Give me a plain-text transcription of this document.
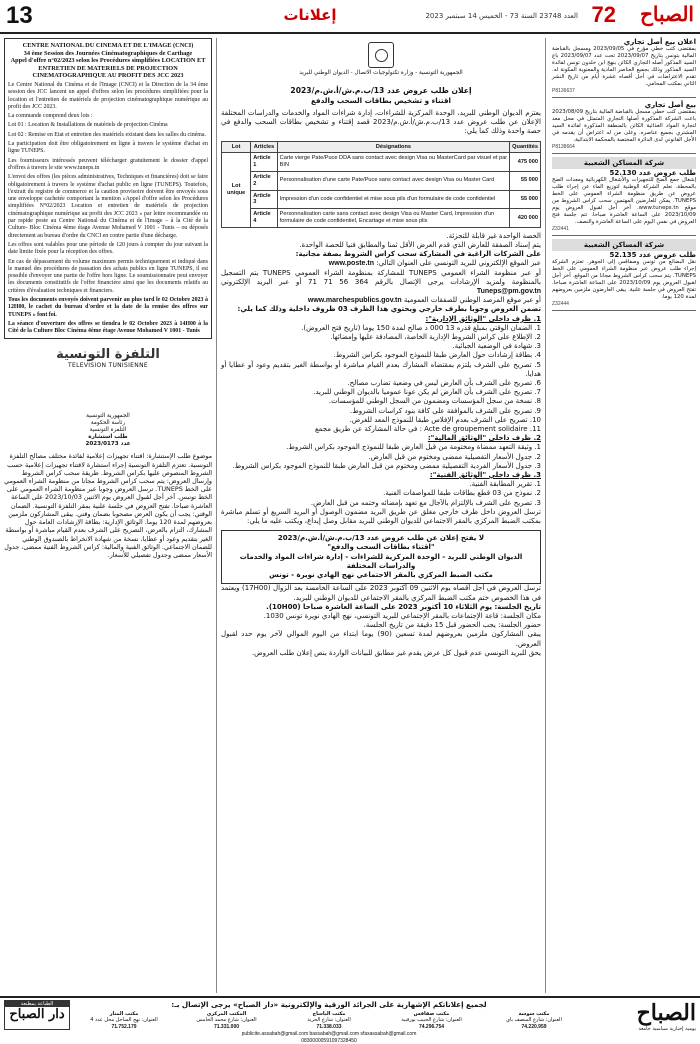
13	إعلانات	العدد 23748 السنة 73 - الخميس 14 سبتمبر 2023 72 الصباح
CENTRE NATIONAL DU CINEMA ET DE L'IMAGE (CNCI)
34 ème Session des Journées Cinématographiques de Carthage
Appel d'offre n°02/2023 selon les Procédures simplifiées LOCATION ET ENTRETIEN DE MATERIELS DE PROJECTION CINEMATOGRAPHIQUE AU PROFIT DES JCC 2023

Le Centre National du Cinéma et de l'Image (CNCI) et la Direction de la 34 ème session des JCC lancent un appel d'offres selon les procédures simplifiées pour la location et l'entretien de matériels de projection cinématographique numérique au profit des JCC 2023.

La commande comprend deux lots :

Lot 01 : Location & Installations de matériels de projection Cinéma

Lot 02 : Remise en Etat et entretien des matériels existant dans les salles du cinéma.

La participation doit être obligatoirement en ligne à travers le système d'achat en ligne TUNEPS.

Les fournisseurs intéressés peuvent télécharger gratuitement le dossier d'appel d'offres à travers le site www.tuneps.tn

L'envoi des offres (les pièces administratives, Techniques et financières) doit se faire obligatoirement à travers le système d'achat public en ligne (TUNEPS). Toutefois, l'extrait du registre de commerce et la caution provisoire doivent être envoyés sous une enveloppe cachetée comportant la mention «Appel d'offre selon les Procédures simplifiées N°02/2023 Location et entretien de matériels de projection cinématographique numérique au profit des JCC 2023 » par lettre recommandée ou par rapide poste au Centre National du Cinéma et de l'Image – à la Cité de la Culture- Bloc Cinéma 4ème étage Avenue Mohamed V 1001 - Tunis – ou déposés directement au bureau d'ordre du CNCI en contre partie d'une décharge.

Les offres sont valables pour une période de 120 jours à compter du jour suivant la date limite fixée pour la réception des offres.

En cas de dépassement du volume maximum permis techniquement et indiqué dans le manuel des procédures de passation des achats publics en ligne TUNEPS, il est possible d'envoyer une partie de l'offre hors ligne. Le soumissionnaire peut envoyer les documents constitutifs de l'offre financière ainsi que les documents relatifs au critères d'évaluation techniques et financiers.

Tous les documents envoyés doivent parvenir au plus tard le 02 Octobre 2023 à 12H00, le cachet du bureau d'ordre et la date de la remise des offres sur TUNEPS » font foi.

La séance d'ouverture des offres se tiendra le 02 Octobre 2023 à 14H00 à la Cité de la Culture Bloc Cinéma 4ème étage Avenue Mohamed V 1001 - Tunis

التلفزة التونسية
TELEVISION TUNISIENNE
الجمهورية التونسية
رئاسة الحكومة
التلفزة التونسية
طلب استشارة
عدد 2023/0173
موضوع طلب الإستشارة: اقتناء تجهيزات إعلامية لفائدة مختلف مصالح التلفزة التونسية. تعتزم التلفزة التونسية إجراء استشارة لاقتناء تجهيزات إعلامية حسب الشروط المنصوص عليها بكراس الشروط. طريقة سحب كراس الشروط وإرسال العروض: يتم سحب كراس الشروط مجانا من منظومة الشراء العمومي على الخط TUNEPS. ترسل العروض وجوبا عبر منظومة الشراء العمومي على الخط تونبس. آخر أجل لقبول العروض يوم الاثنين 2023/10/03 على الساعة العاشرة صباحا. تفتح العروض في جلسة علنية بمقر التلفزة التونسية. الضمان الوقتي: يجب أن يكون العرض مصحوبا بضمان وقتي. يبقى المشاركون ملزمين بعروضهم لمدة 120 يوما. الوثائق الإدارية: بطاقة الإرشادات العامة حول المشارك، التزام بالعرض، التصريح على الشرف بعدم القيام مباشرة أو بواسطة الغير بتقديم وعود أو عطايا، نسخة من شهادة الانخراط بالصندوق الوطني للضمان الاجتماعي. الوثائق الفنية والمالية: كراس الشروط الفنية ممضى، جدول الأسعار ممضى وجدول تفصيلي للأسعار.
الجمهورية التونسية - وزارة تكنولوجيات الاتصال - الديوان الوطني للبريد
إعلان طلب عروض عدد 13/ب.م.ش/أ.ش.م/2023
اقتناء و تشخيص بطاقات السحب والدفع
يعتزم الديوان الوطني للبريد، الوحدة المركزية للشراءات، إدارة شراءات المواد والخدمات والدراسات المختلفة الإعلان عن طلب عروض عدد 13/ب.م.ش/أ.ش.م/2023 قصد إقتناء و تشخيص بطاقات السحب والدفع في حصة واحدة وذلك كما يلي:
Lot	Articles	Désignations	Quantités
Lot unique	Article 1	Carte vierge Pate/Puce DDA sans contact avec design Visa ou MasterCard par visuel et par BIN	475 000
	Article 2	Personnalisation d'une carte Pate/Puce sans contact avec design Visa ou Master Card	55 000
	Article 3	Impression d'un code confidentiel et mise sous pils d'un formulaire de code confidentiel	55 000
	Article 4	Personnalisation carte sans contact avec design Visa ou Master Card, Impression d'un formulaire de code confidentiel, Encartage et mise sous plis	420 000
الحصة الواحدة غير قابلة للتجزئة.
يتم إسناد الصفقة للعارض الذي قدم العرض الأقل ثمنا والمطابق فنيا للحصة الواحدة.
على الشركات الراغبة في المشاركة سحب كراس الشروط بصفة مجانية:
عبر الموقع الإلكتروني للبريد التونسي على العنوان التالي: www.poste.tn
أو عبر منظومة الشراء العمومي TUNEPS للمشاركة بمنظومة الشراء العمومي TUNEPS يتم التسجيل بالمنظومة ولمزيد الإرشادات يرجى الإتصال بالرقم 364 56 71 71 أو عبر البريد الإلكتروني Tuneps@pm.gov.tn
أو عبر موقع المرصد الوطني للصفقات العمومية www.marchespublics.gov.tn
تضمن العروض وجوبا بطرف خارجي ويحتوي هذا الظرف 03 ظروف داخلية وذلك كما يلي:
1. ظرف داخلي "الوثائق الإدارية":
1. الضمان الوقتي بمبلغ قدره 13 000 د صالح لمدة 150 يوما (تاريخ فتح العروض).
2. الإطلاع على كراس الشروط الإدارية الخاصة، المصادقة عليها وإمضائها.
3. شهادة في الوضعية الجبائية.
4. بطاقة إرشادات حول العارض طبقا للنموذج الموجود بكراس الشروط.
5. تصريح على الشرف يلتزم بمقتضاه المشارك بعدم القيام مباشرة أو بواسطة الغير بتقديم وعود أو عطايا أو هدايا.
6. تصريح على الشرف بأن العارض ليس في وضعية تضارب مصالح.
7. تصريح على الشرف بأن العارض لم يكن عونا عموميا بالديوان الوطني للبريد.
8. نسخة من سجل المؤسسات ومضمون من السجل الوطني للمؤسسات.
9. تصريح على الشرف بالموافقة على كافة بنود كراسات الشروط.
10. تصريح على الشرف بعدم الإفلاس طبقا للنموذج المعد للغرض.
11. Acte de groupement solidaire : في حالة المشاركة عن طريق مجمع
2. ظرف داخلي "الوثائق المالية":
1. وثيقة التعهد ممضاة ومختومة من قبل العارض طبقا للنموذج الموجود بكراس الشروط.
2. جدول الأسعار التفصيلية ممضى ومختوم من قبل العارض.
3. جدول الأسعار الفردية التفصيلية ممضى ومختوم من قبل العارض طبقا للنموذج الموجود بكراس الشروط.
3. ظرف داخلي "الوثائق الفنية":
1. تقرير المطابقة الفنية.
2. نموذج من 03 قطع بطاقات طبقا للمواصفات الفنية.
3. تصريح على الشرف بالإلتزام بالآجال مع تعهد بإمضائه وختمه من قبل العارض.
ترسل العروض داخل ظرف خارجي مغلق عن طريق البريد مضمون الوصول أو البريد السريع أو تسلم مباشرة بمكتب الضبط المركزي بالمقر الاجتماعي للديوان الوطني للبريد مقابل وصل إيداع، ويكتب عليه ما يلي:
لا يفتح إعلان عن طلب عروض عدد 13/ب.م.ش/أ.ش.م/2023
"اقتناء بطاقات السحب والدفع"
الديوان الوطني للبريد - الوحدة المركزية للشراءات - إدارة شراءات المواد والخدمات والدراسات المختلفة
مكتب الضبط المركزي بالمقر الاجتماعي نهج الهادي نويرة - تونس
ترسل العروض في أجل أقصاه يوم الاثنين 09 أكتوبر 2023 على الساعة الخامسة بعد الزوال (17H00) ويعتمد في هذا الخصوص ختم مكتب الضبط المركزي بالمقر الاجتماعي للديوان الوطني للبريد.
تاريخ الجلسة: يوم الثلاثاء 10 أكتوبر 2023 على الساعة العاشرة صباحا (10H00).
مكان الجلسة: قاعة الإجتماعات بالمقر الإجتماعي للبريد التونسي، نهج الهادي نويرة تونس 1030.
حضور الجلسة: يجب الحضور قبل 15 دقيقة من تاريخ الجلسة.
يبقى المشاركون ملزمين بعروضهم لمدة تسعين (90) يوما ابتداء من اليوم الموالي لآخر يوم حدد لقبول العروض.
يحق للبريد التونسي عدم قبول كل عرض يقدم غير مطابق للبيانات الواردة بنص إعلان طلب العروض.
اعلان بيع أصل تجاري

بمقتضى كتب خطي مؤرخ في 2023/09/05 ومسجل بالقباضة المالية بتونس بتاريخ 2023/09/07 تحت عدد 2023/09/07 باع السيد المذكور أصله التجاري الكائن بنهج ابن خلدون تونس لفائدة السيد المذكور وذلك بجميع العناصر المادية والمعنوية المكونة له. تقدم الاعتراضات في أجل أقصاه عشرة أيام من تاريخ النشر الثاني بمكتب المحامي.

P8136637
بيع أصل تجاري

بمقتضى كتب خطي مسجل بالقباضة المالية بتاريخ 2023/08/09 باعت الشركة المذكورة أصلها التجاري المتمثل في محل معد لتجارة المواد الغذائية الكائن بالمنطقة المذكورة لفائدة السيد المشتري بجميع عناصره. وعلى من له اعتراض أن يقدمه في الأجل القانوني لدى الدائرة المختصة بالمحكمة الابتدائية.

P8138664
شركة المساكن الشعبية
طلب عروض عدد 52.130

إشغال جمع الضخ للتجهيزات والأشغال الكهربائية ومعدات الضخ بالمحطة. تعلم الشركة الوطنية لتوزيع الماء عن إجراء طلب عروض عن طريق منظومة الشراء العمومي على الخط TUNEPS. يمكن للعارضين المهتمين سحب كراس الشروط من موقع www.tuneps.tn. آخر أجل لقبول العروض يوم 2023/10/09 على الساعة العاشرة صباحا. تتم جلسة فتح العروض في نفس اليوم على الساعة العاشرة والنصف.

Z32441
شركة المساكن الشعبية
طلب عروض عدد 52.135

نقل البضائع من تونس وصفاقس إلى الجوهر. تعتزم الشركة إجراء طلب عروض عبر منظومة الشراء العمومي على الخط TUNEPS. يتم سحب كراس الشروط مجانا من الموقع. آخر أجل لقبول العروض يوم 2023/10/09 على الساعة العاشرة صباحا. تفتح العروض في جلسة علنية. يبقى العارضون ملزمين بعروضهم لمدة 120 يوما.

Z32444
الطباعة بمطبعة
دار الصباح
لجميع إعلاناتكم الإشهارية على الجرائد الورقية والإلكترونية «دار الصباح» يرجى الإتصال بـ:
مكتب المنار
العنوان: نهج الساحل محل عدد 4
71.752.179
المكتب المركزي
العنوان: شارع محمد الخامس
71.331.000
مكتب الباساج
العنوان: شارع الحرية
71.338.033
مكتب صفاقس
العنوان: شارع الحبيب بورقيبة
74.296.754
مكتب سوسة
العنوان: شارع المنصف باي
74.220.959
publicite.assabah@gmail.com bassabah@gmail.com sfaxassabah@gmail.com
08300000591097328450
الصباح
يومية إخبارية سياسية جامعة
